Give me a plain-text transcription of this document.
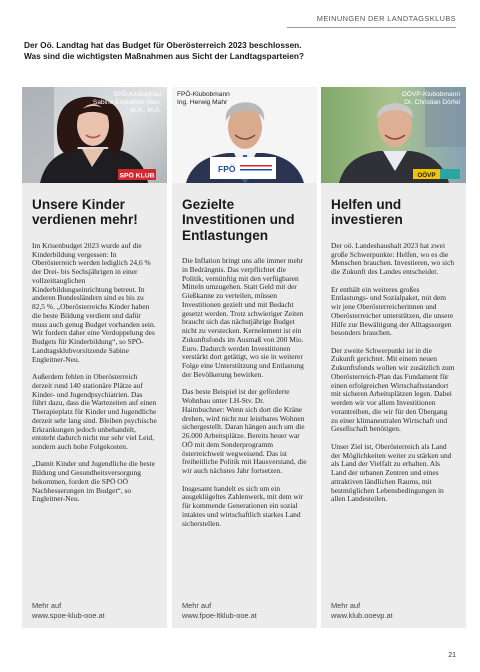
MEINUNGEN DER LANDTAGSKLUBS
Der Oö. Landtag hat das Budget für Oberösterreich 2023 beschlossen.
Was sind die wichtigsten Maßnahmen aus Sicht der Landtagsparteien?
SPÖ KLUB
SPÖ-Klubobfrau
Sabine Engleitner-Neu,
M.A., M.A.
Unsere Kinder verdienen mehr!

Im Krisenbudget 2023 wurde auf die Kinderbildung vergessen: In Oberösterreich werden lediglich 24,6 % der Drei- bis Sechsjährigen in einer vollzeittauglichen Kinderbildungseinrichtung betreut. In anderen Bundesländern sind es bis zu 82,5 %. „Oberösterreichs Kinder haben die beste Bildung verdient und dafür muss auch genug Budget vorhanden sein. Wir fordern daher eine Verdoppelung des Budgets für Kinderbildung“, so SPÖ-Landtagsklubvorsitzende Sabine Engleitner-Neu.

Außerdem fehlen in Oberösterreich derzeit rund 140 stationäre Plätze auf Kinder- und Jugendpsychiatrien. Das führt dazu, dass die Wartezeiten auf einen Therapieplatz für Kinder und Jugendliche derzeit sehr lang sind. Bleiben psychische Erkrankungen jedoch unbehandelt, entsteht dadurch nicht nur sehr viel Leid, sondern auch hohe Folgekosten.

„Damit Kinder und Jugendliche die beste Bildung und Gesundheitsversorgung bekommen, fordert die SPÖ OÖ Nachbesserungen im Budget“, so Engleitner-Neu.

Mehr auf
www.spoe-klub-ooe.at
FPÖ
FPÖ-Klubobmann
Ing. Herwig Mahr
Gezielte Investitionen und Entlastungen

Die Inflation bringt uns alle immer mehr in Bedrängnis. Das verpflichtet die Politik, vernünftig mit den verfügbaren Mitteln umzugehen. Statt Geld mit der Gießkanne zu verteilen, müssen Investitionen gezielt und mit Bedacht gesetzt werden. Trotz schwieriger Zeiten braucht sich das nächstjährige Budget nicht zu verstecken. Kernelement ist ein Zukunftsfonds im Ausmaß von 200 Mio. Euro. Dadurch werden Investitionen verstärkt dort getätigt, wo sie in weiterer Folge eine Unterstützung und Entlastung der Bevölkerung bewirken.

Das beste Beispiel ist der geförderte Wohnbau unter LH-Stv. Dr. Haimbuchner: Wenn sich dort die Kräne drehen, wird nicht nur leistbares Wohnen sichergestellt. Daran hängen auch um die 26.000 Arbeitsplätze. Bereits heuer war OÖ mit dem Sonderprogramm österreichweit wegweisend. Das ist freiheitliche Politik mit Hausverstand, die wir auch nächstes Jahr fortsetzen.

Insgesamt handelt es sich um ein ausgeklügeltes Zahlenwerk, mit dem wir für kommende Generationen ein sozial intaktes und wirtschaftlich starkes Land sicherstellen.

Mehr auf
www.fpoe-ltklub-ooe.at
OÖVP
OÖVP-Klubobmann
Dr. Christian Dörfel
Helfen und investieren

Der oö. Landeshaushalt 2023 hat zwei große Schwerpunkte: Helfen, wo es die Menschen brauchen. Investieren, wo sich die Zukunft des Landes entscheidet.

Er enthält ein weiteres großes Entlastungs- und Sozialpaket, mit dem wir jene Oberösterreicherinnen und Oberösterreicher unterstützen, die unsere Hilfe zur Bewältigung der Alltagssorgen besonders brauchen.

Der zweite Schwerpunkt ist in die Zukunft gerichtet. Mit einem neuen Zukunftsfonds wollen wir zusätzlich zum Oberösterreich-Plan das Fundament für einen erfolgreichen Wirtschaftsstandort mit sicheren Arbeitsplätzen legen. Dabei werden wir vor allem Investitionen vorantreiben, die wir für den Übergang zu einer klimaneutralen Wirtschaft und Gesellschaft benötigen.

Unser Ziel ist, Oberösterreich als Land der Möglichkeiten weiter zu stärken und als Land der Vielfalt zu erhalten. Als Land der urbanen Zentren und eines attraktiven ländlichen Raums, mit bestmöglichen Lebensbedingungen in allen Landesteilen.

Mehr auf
www.klub.ooevp.at
21
